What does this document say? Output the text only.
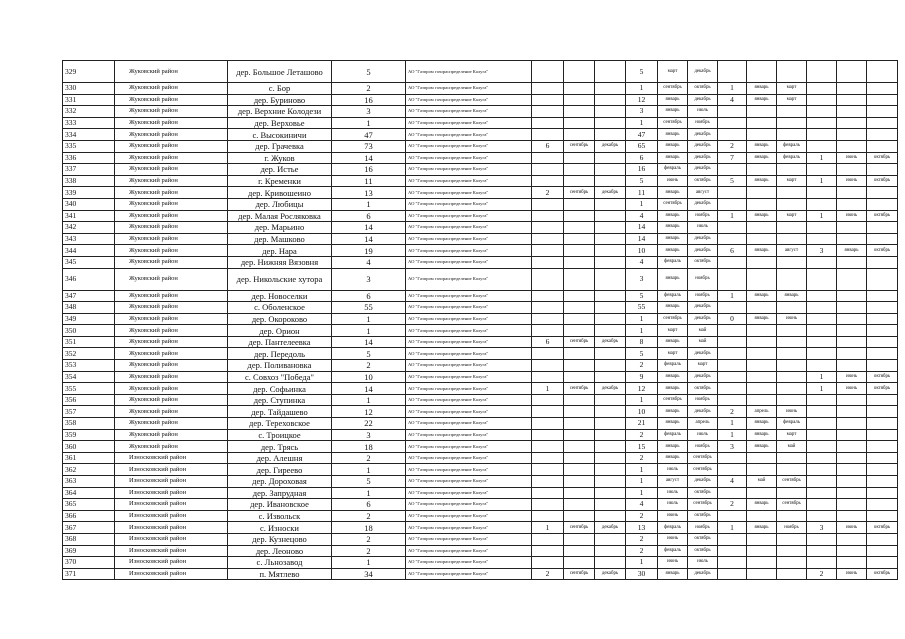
329	Жуковский район	дер. Большое Леташово	5	АО "Газпром газораспределение Калуга"				5	март	декабрь						
330	Жуковский район	с. Бор	2	АО "Газпром газораспределение Калуга"				1	сентябрь	октябрь	1	январь	март			
331	Жуковский район	дер. Буриново	16	АО "Газпром газораспределение Калуга"				12	январь	декабрь	4	январь	март			
332	Жуковский район	дер. Верхние Колодези	3	АО "Газпром газораспределение Калуга"				3	январь	июль						
333	Жуковский район	дер. Верховье	1	АО "Газпром газораспределение Калуга"				1	сентябрь	ноябрь						
334	Жуковский район	с. Высокиничи	47	АО "Газпром газораспределение Калуга"				47	январь	декабрь						
335	Жуковский район	дер. Грачевка	73	АО "Газпром газораспределение Калуга"	6	сентябрь	декабрь	65	январь	декабрь	2	январь	февраль			
336	Жуковский район	г. Жуков	14	АО "Газпром газораспределение Калуга"				6	январь	декабрь	7	январь	февраль	1	июнь	октябрь
337	Жуковский район	дер. Истье	16	АО "Газпром газораспределение Калуга"				16	февраль	декабрь						
338	Жуковский район	г. Кременки	11	АО "Газпром газораспределение Калуга"				5	июнь	октябрь	5	январь	март	1	июнь	октябрь
339	Жуковский район	дер. Кривошеино	13	АО "Газпром газораспределение Калуга"	2	сентябрь	декабрь	11	январь	август						
340	Жуковский район	дер. Любицы	1	АО "Газпром газораспределение Калуга"				1	сентябрь	декабрь						
341	Жуковский район	дер. Малая Росляковка	6	АО "Газпром газораспределение Калуга"				4	январь	ноябрь	1	январь	март	1	июнь	октябрь
342	Жуковский район	дер. Марьино	14	АО "Газпром газораспределение Калуга"				14	январь	июль						
343	Жуковский район	дер. Машково	14	АО "Газпром газораспределение Калуга"				14	январь	декабрь						
344	Жуковский район	дер. Нара	19	АО "Газпром газораспределение Калуга"				10	январь	декабрь	6	январь	август	3	январь	октябрь
345	Жуковский район	дер. Нижняя Вязовня	4	АО "Газпром газораспределение Калуга"				4	февраль	октябрь						
346	Жуковский район	дер. Никольские хутора	3	АО "Газпром газораспределение Калуга"				3	январь	ноябрь						
347	Жуковский район	дер. Новоселки	6	АО "Газпром газораспределение Калуга"				5	февраль	ноябрь	1	январь	январь			
348	Жуковский район	с. Оболенское	55	АО "Газпром газораспределение Калуга"				55	январь	декабрь						
349	Жуковский район	дер. Окороково	1	АО "Газпром газораспределение Калуга"				1	сентябрь	декабрь	0	январь	июнь			
350	Жуковский район	дер. Орион	1	АО "Газпром газораспределение Калуга"				1	март	май						
351	Жуковский район	дер. Пантелеевка	14	АО "Газпром газораспределение Калуга"	6	сентябрь	декабрь	8	январь	май						
352	Жуковский район	дер. Передоль	5	АО "Газпром газораспределение Калуга"				5	март	декабрь						
353	Жуковский район	дер. Поливановка	2	АО "Газпром газораспределение Калуга"				2	февраль	март						
354	Жуковский район	с. Совхоз "Победа"	10	АО "Газпром газораспределение Калуга"				9	январь	декабрь				1	июнь	октябрь
355	Жуковский район	дер. Софьинка	14	АО "Газпром газораспределение Калуга"	1	сентябрь	декабрь	12	январь	октябрь				1	июнь	октябрь
356	Жуковский район	дер. Ступинка	1	АО "Газпром газораспределение Калуга"				1	сентябрь	ноябрь						
357	Жуковский район	дер. Тайдашево	12	АО "Газпром газораспределение Калуга"				10	январь	декабрь	2	апрель	июнь			
358	Жуковский район	дер. Тереховское	22	АО "Газпром газораспределение Калуга"				21	январь	апрель	1	январь	февраль			
359	Жуковский район	с. Троицкое	3	АО "Газпром газораспределение Калуга"				2	февраль	июль	1	январь	март			
360	Жуковский район	дер. Трясь	18	АО "Газпром газораспределение Калуга"				15	январь	ноябрь	3	январь	май			
361	Износковский район	дер. Алешня	2	АО "Газпром газораспределение Калуга"				2	январь	сентябрь						
362	Износковский район	дер. Гиреево	1	АО "Газпром газораспределение Калуга"				1	июль	сентябрь						
363	Износковский район	дер. Дороховая	5	АО "Газпром газораспределение Калуга"				1	август	декабрь	4	май	сентябрь			
364	Износковский район	дер. Запрудная	1	АО "Газпром газораспределение Калуга"				1	июль	октябрь						
365	Износковский район	дер. Ивановское	6	АО "Газпром газораспределение Калуга"				4	июль	сентябрь	2	январь	сентябрь			
366	Износковский район	с. Извольск	2	АО "Газпром газораспределение Калуга"				2	июнь	октябрь						
367	Износковский район	с. Износки	18	АО "Газпром газораспределение Калуга"	1	сентябрь	декабрь	13	февраль	ноябрь	1	январь	ноябрь	3	июнь	октябрь
368	Износковский район	дер. Кузнецово	2	АО "Газпром газораспределение Калуга"				2	июнь	октябрь						
369	Износковский район	дер. Леоново	2	АО "Газпром газораспределение Калуга"				2	февраль	октябрь						
370	Износковский район	с. Льнозавод	1	АО "Газпром газораспределение Калуга"				1	июнь	июль						
371	Износковский район	п. Мятлево	34	АО "Газпром газораспределение Калуга"	2	сентябрь	декабрь	30	январь	декабрь				2	июнь	октябрь
